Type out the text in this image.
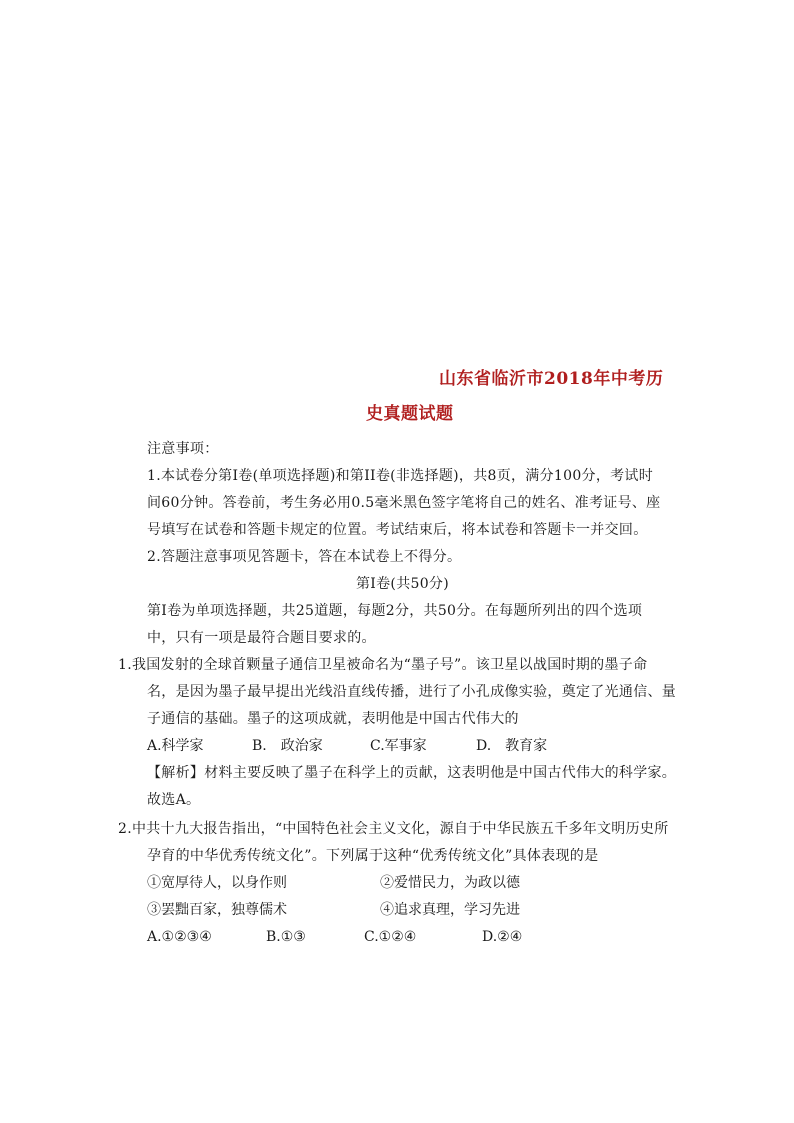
山东省临沂市2018年中考历
史真题试题
注意事项：
1.本试卷分第Ⅰ卷(单项选择题)和第II卷(非选择题)，共8页，满分100分，考试时
间60分钟。答卷前，考生务必用0.5毫米黑色签字笔将自己的姓名、准考证号、座
号填写在试卷和答题卡规定的位置。考试结束后，将本试卷和答题卡一并交回。
2.答题注意事项见答题卡，答在本试卷上不得分。
第Ⅰ卷(共50分)
第Ⅰ卷为单项选择题，共25道题，每题2分，共50分。在每题所列出的四个选项
中，只有一项是最符合题目要求的。
1.我国发射的全球首颗量子通信卫星被命名为“墨子号”。该卫星以战国时期的墨子命
名，是因为墨子最早提出光线沿直线传播，进行了小孔成像实验，奠定了光通信、量
子通信的基础。墨子的这项成就，表明他是中国古代伟大的
A.科学家	B.　政治家	C.军事家	D.　教育家
【解析】材料主要反映了墨子在科学上的贡献，这表明他是中国古代伟大的科学家。
故选A。
2.中共十九大报告指出，“中国特色社会主义文化，源自于中华民族五千多年文明历史所
孕育的中华优秀传统文化”。下列属于这种“优秀传统文化”具体表现的是
①宽厚待人，以身作则	②爱惜民力，为政以德
③罢黜百家，独尊儒术	④追求真理，学习先进
A.①②③④	B.①③	C.①②④	D.②④
